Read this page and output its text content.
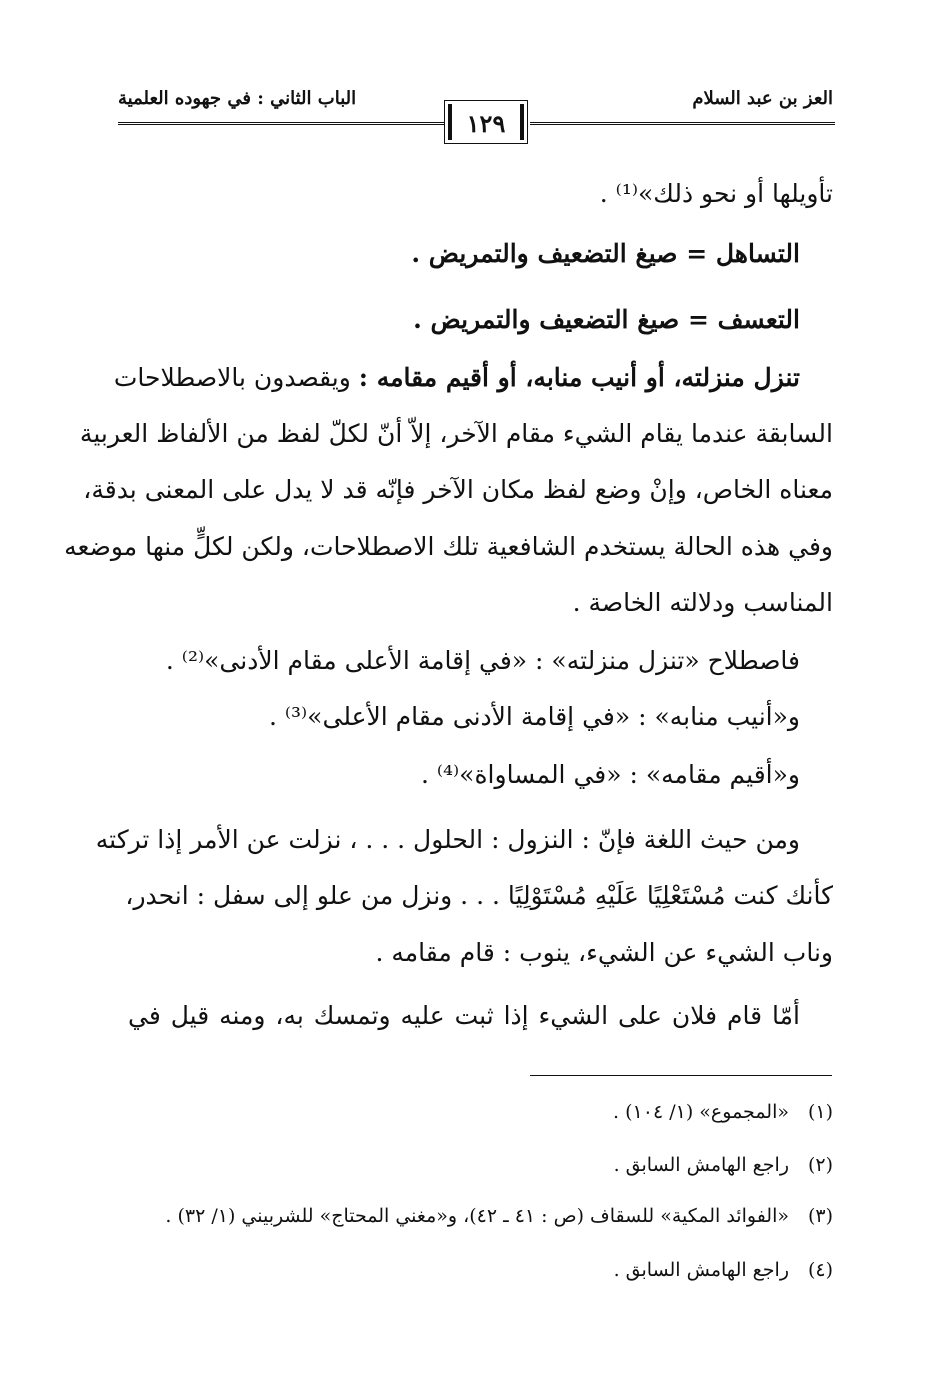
العز بن عبد السلام
الباب الثاني : في جهوده العلمية
١٢٩
تأويلها أو نحو ذلك»⁽¹⁾ .
التساهل = صيغ التضعيف والتمريض .
التعسف = صيغ التضعيف والتمريض .
تنزل منزلته، أو أنيب منابه، أو أقيم مقامه : ويقصدون بالاصطلاحات
السابقة عندما يقام الشيء مقام الآخر، إلاّ أنّ لكلّ لفظ من الألفاظ العربية
معناه الخاص، وإنْ وضع لفظ مكان الآخر فإنّه قد لا يدل على المعنى بدقة،
وفي هذه الحالة يستخدم الشافعية تلك الاصطلاحات، ولكن لكلٍّ منها موضعه
المناسب ودلالته الخاصة .
فاصطلاح «تنزل منزلته» : «في إقامة الأعلى مقام الأدنى»⁽²⁾ .
و«أنيب منابه» : «في إقامة الأدنى مقام الأعلى»⁽³⁾ .
و«أقيم مقامه» : «في المساواة»⁽⁴⁾ .
ومن حيث اللغة فإنّ : النزول : الحلول . . . ، نزلت عن الأمر إذا تركته
كأنك كنت مُسْتَعْلِيًا عَلَيْهِ مُسْتَوْلِيًا . . . ونزل من علو إلى سفل : انحدر،
وناب الشيء عن الشيء، ينوب : قام مقامه .
أمّا قام فلان على الشيء إذا ثبت عليه وتمسك به، ومنه قيل في
(١)«المجموع» (١/ ١٠٤) .
(٢)راجع الهامش السابق .
(٣)«الفوائد المكية» للسقاف (ص : ٤١ ـ ٤٢)، و«مغني المحتاج» للشربيني (١/ ٣٢) .
(٤)راجع الهامش السابق .
